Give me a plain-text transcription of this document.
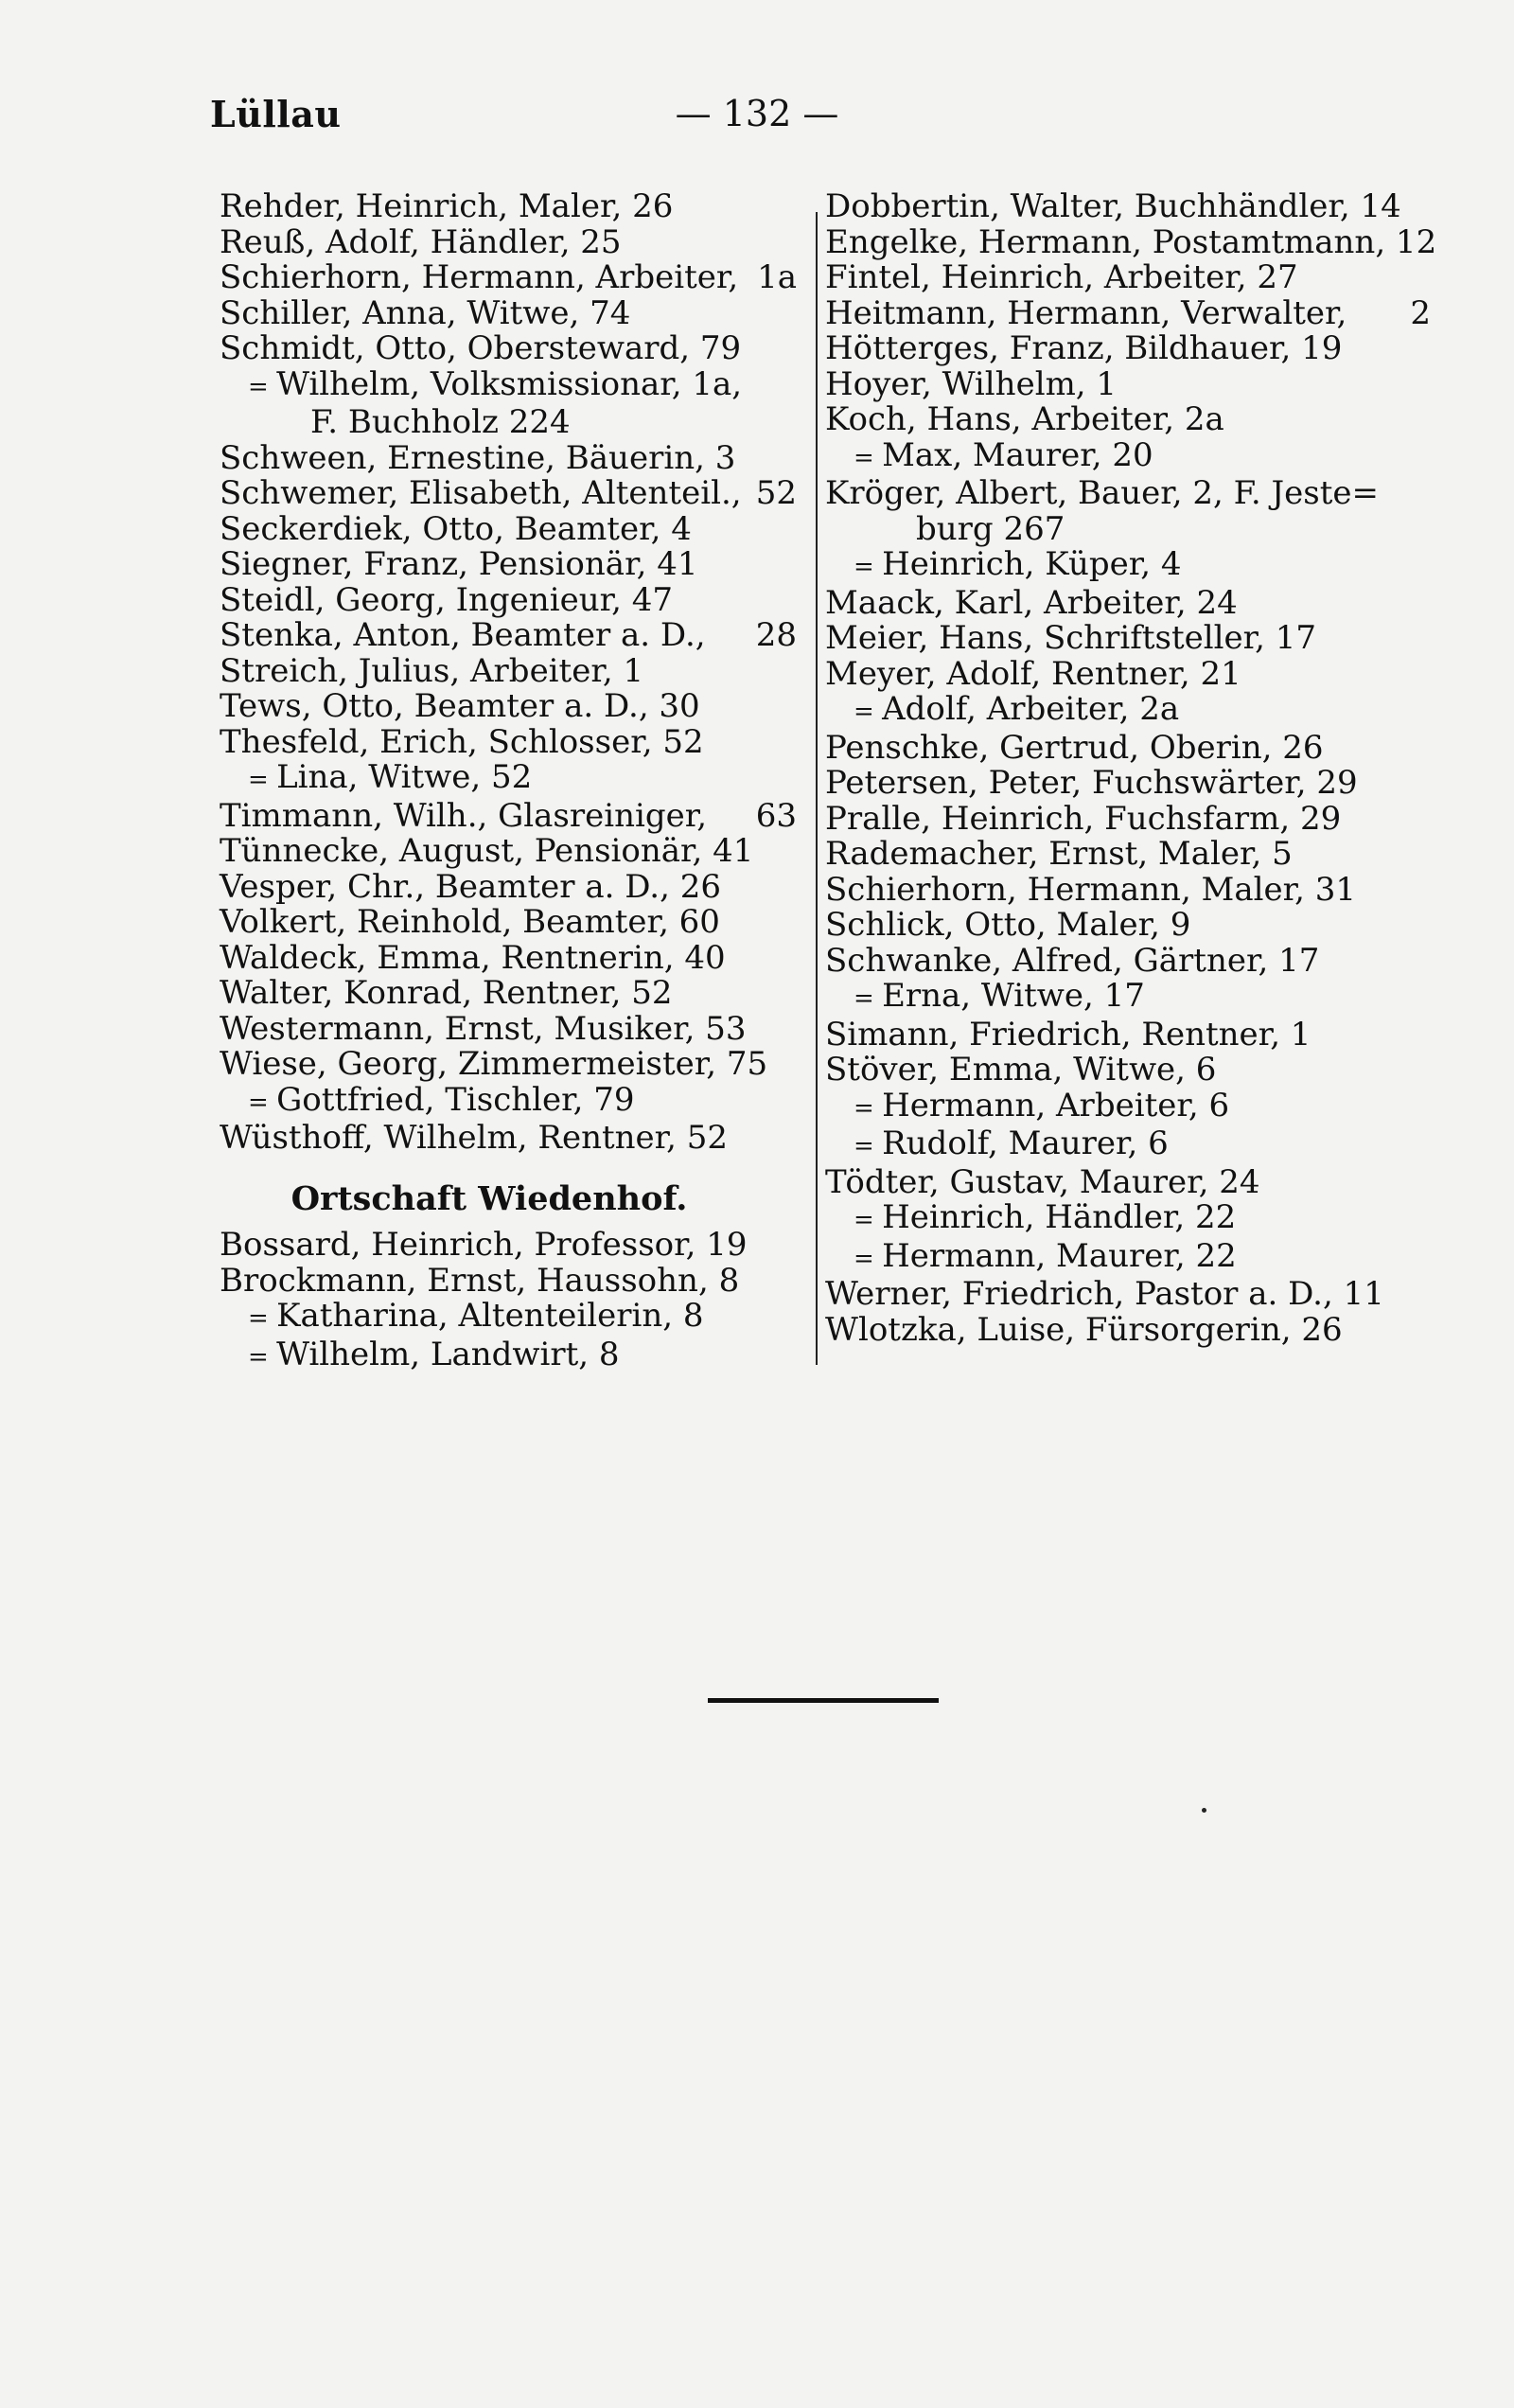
Lüllau	— 132 —
Rehder, Heinrich, Maler, 26
Reuß, Adolf, Händler, 25
Schierhorn, Hermann, Arbeiter, 1a
Schiller, Anna, Witwe, 74
Schmidt, Otto, Obersteward, 79
= Wilhelm, Volksmissionar, 1a,
F. Buchholz 224
Schween, Ernestine, Bäuerin, 3
Schwemer, Elisabeth, Altenteil., 52
Seckerdiek, Otto, Beamter, 4
Siegner, Franz, Pensionär, 41
Steidl, Georg, Ingenieur, 47
Stenka, Anton, Beamter a. D., 28
Streich, Julius, Arbeiter, 1
Tews, Otto, Beamter a. D., 30
Thesfeld, Erich, Schlosser, 52
= Lina, Witwe, 52
Timmann, Wilh., Glasreiniger, 63
Tünnecke, August, Pensionär, 41
Vesper, Chr., Beamter a. D., 26
Volkert, Reinhold, Beamter, 60
Waldeck, Emma, Rentnerin, 40
Walter, Konrad, Rentner, 52
Westermann, Ernst, Musiker, 53
Wiese, Georg, Zimmermeister, 75
= Gottfried, Tischler, 79
Wüsthoff, Wilhelm, Rentner, 52
Ortschaft Wiedenhof.
Bossard, Heinrich, Professor, 19
Brockmann, Ernst, Haussohn, 8
= Katharina, Altenteilerin, 8
= Wilhelm, Landwirt, 8
Dobbertin, Walter, Buchhändler, 14
Engelke, Hermann, Postamtmann, 12
Fintel, Heinrich, Arbeiter, 27
Heitmann, Hermann, Verwalter, 2
Hötterges, Franz, Bildhauer, 19
Hoyer, Wilhelm, 1
Koch, Hans, Arbeiter, 2a
= Max, Maurer, 20
Kröger, Albert, Bauer, 2, F. Jeste=
burg 267
= Heinrich, Küper, 4
Maack, Karl, Arbeiter, 24
Meier, Hans, Schriftsteller, 17
Meyer, Adolf, Rentner, 21
= Adolf, Arbeiter, 2a
Penschke, Gertrud, Oberin, 26
Petersen, Peter, Fuchswärter, 29
Pralle, Heinrich, Fuchsfarm, 29
Rademacher, Ernst, Maler, 5
Schierhorn, Hermann, Maler, 31
Schlick, Otto, Maler, 9
Schwanke, Alfred, Gärtner, 17
= Erna, Witwe, 17
Simann, Friedrich, Rentner, 1
Stöver, Emma, Witwe, 6
= Hermann, Arbeiter, 6
= Rudolf, Maurer, 6
Tödter, Gustav, Maurer, 24
= Heinrich, Händler, 22
= Hermann, Maurer, 22
Werner, Friedrich, Pastor a. D., 11
Wlotzka, Luise, Fürsorgerin, 26
